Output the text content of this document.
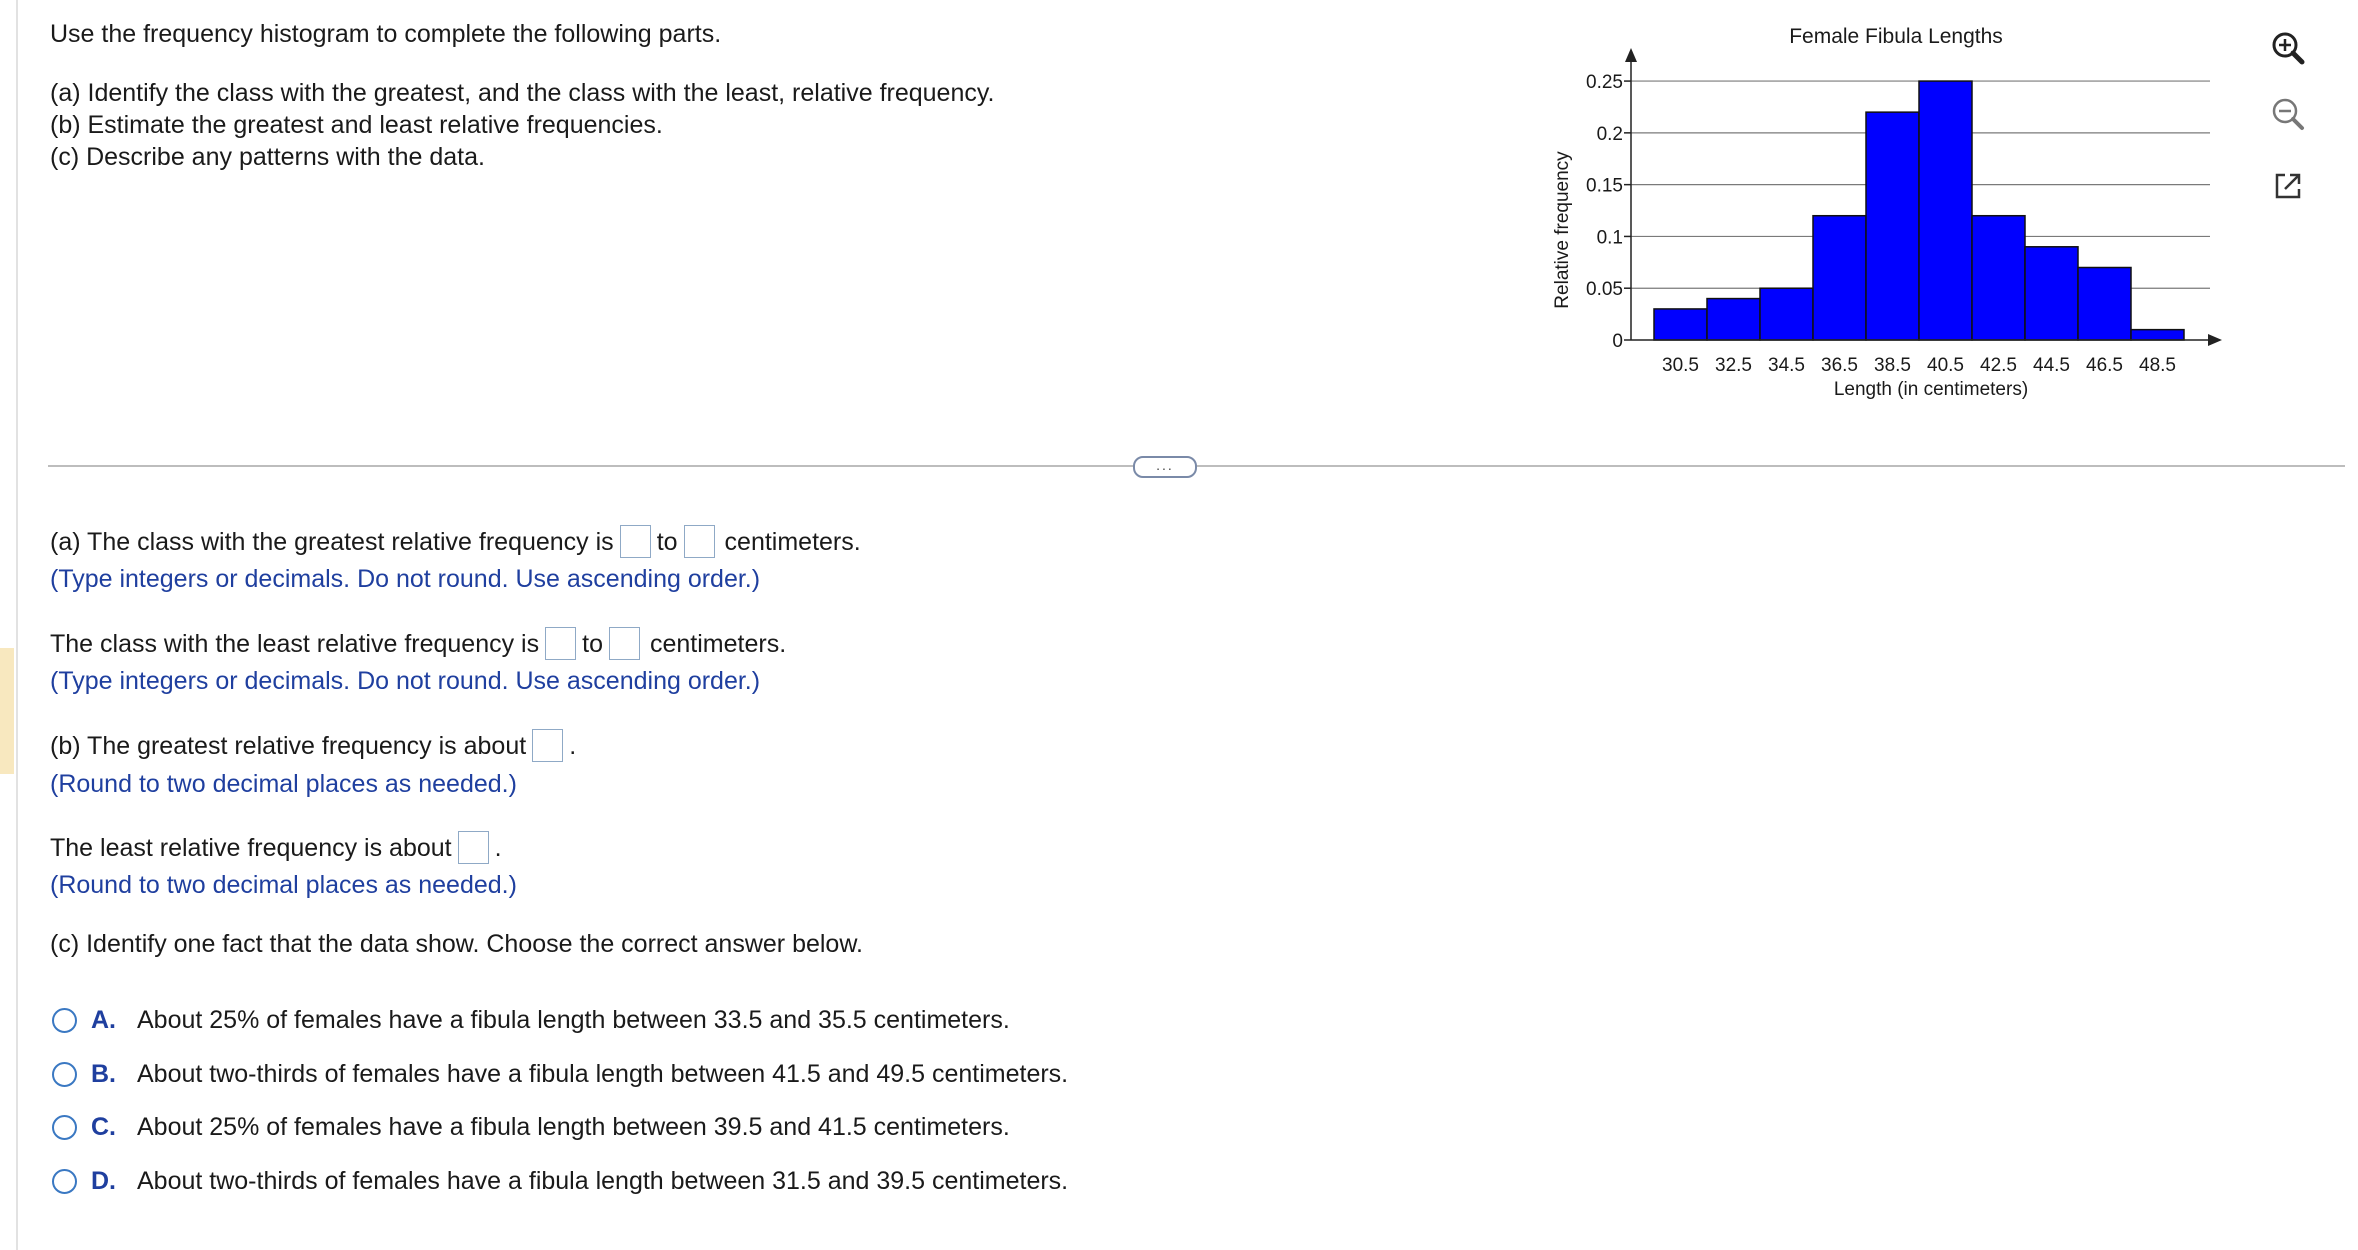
Use the frequency histogram to complete the following parts.
(a) Identify the class with the greatest, and the class with the least, relative frequency.
(b) Estimate the greatest and least relative frequencies.
(c) Describe any patterns with the data.
Female Fibula Lengths
Relative frequency
Length (in centimeters)
0
0.05
0.1
0.15
0.2
0.25
30.5 32.5 34.5 36.5 38.5 40.5 42.5 44.5 46.5 48.5
...
(a) The class with the greatest relative frequency is to centimeters.
(Type integers or decimals. Do not round. Use ascending order.)
The class with the least relative frequency is to centimeters.
(Type integers or decimals. Do not round. Use ascending order.)
(b) The greatest relative frequency is about .
(Round to two decimal places as needed.)
The least relative frequency is about .
(Round to two decimal places as needed.)
(c) Identify one fact that the data show. Choose the correct answer below.
A. About 25% of females have a fibula length between 33.5 and 35.5 centimeters.
B. About two-thirds of females have a fibula length between 41.5 and 49.5 centimeters.
C. About 25% of females have a fibula length between 39.5 and 41.5 centimeters.
D. About two-thirds of females have a fibula length between 31.5 and 39.5 centimeters.
